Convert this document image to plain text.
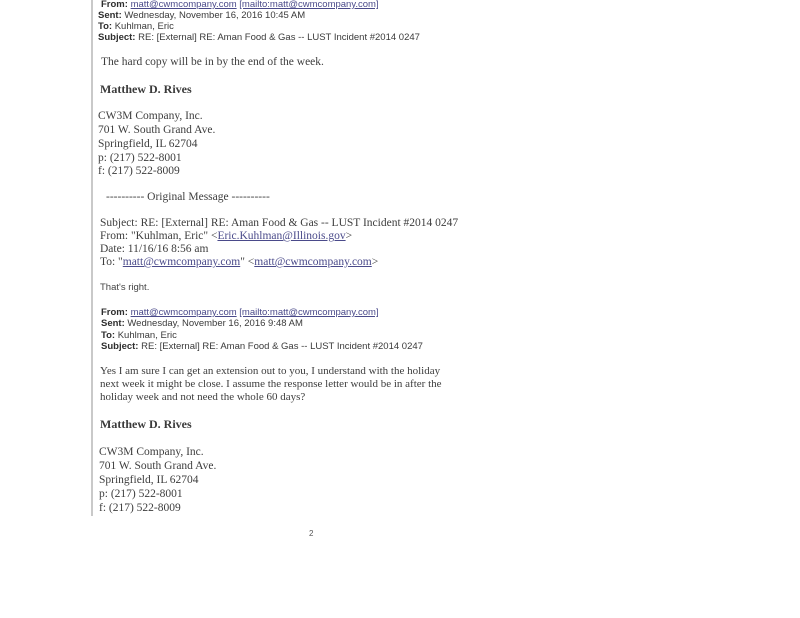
From: matt@cwmcompany.com [mailto:matt@cwmcompany.com]
Sent: Wednesday, November 16, 2016 10:45 AM
To: Kuhlman, Eric
Subject: RE: [External] RE: Aman Food & Gas -- LUST Incident #2014 0247
The hard copy will be in by the end of the week.
Matthew D. Rives
CW3M Company, Inc.
701 W. South Grand Ave.
Springfield, IL 62704
p: (217) 522-8001
f: (217) 522-8009
---------- Original Message ----------
Subject: RE: [External] RE: Aman Food & Gas -- LUST Incident #2014 0247
From: "Kuhlman, Eric" <Eric.Kuhlman@Illinois.gov>
Date: 11/16/16 8:56 am
To: "matt@cwmcompany.com" <matt@cwmcompany.com>
That's right.
From: matt@cwmcompany.com [mailto:matt@cwmcompany.com]
Sent: Wednesday, November 16, 2016 9:48 AM
To: Kuhlman, Eric
Subject: RE: [External] RE: Aman Food & Gas -- LUST Incident #2014 0247
Yes I am sure I can get an extension out to you, I understand with the holiday next week it might be close. I assume the response letter would be in after the holiday week and not need the whole 60 days?
Matthew D. Rives
CW3M Company, Inc.
701 W. South Grand Ave.
Springfield, IL 62704
p: (217) 522-8001
f: (217) 522-8009
2
